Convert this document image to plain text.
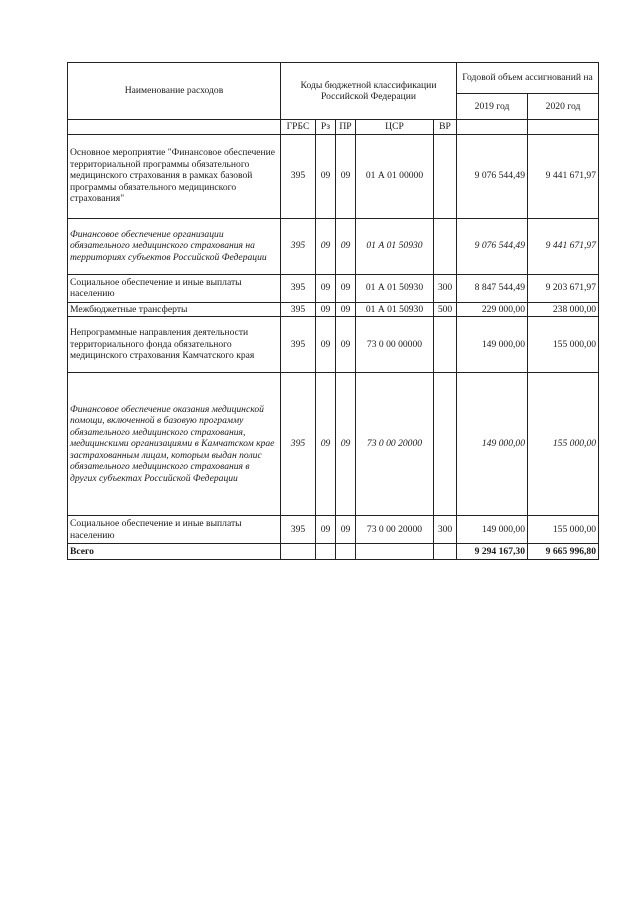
Наименование расходов	Коды бюджетной классификации Российской Федерации					Годовой объем ассигнований на	
						2019 год	2020 год
	ГРБС	Рз	ПР	ЦСР	ВР		
Основное мероприятие "Финансовое обеспечение территориальной программы обязательного медицинского страхования в рамках базовой программы обязательного медицинского страхования"	395	09	09	01 А 01 00000		9 076 544,49	9 441 671,97
Финансовое обеспечение организации обязательного медицинского страхования на территориях субъектов Российской Федерации	395	09	09	01 А 01 50930		9 076 544,49	9 441 671,97
Социальное обеспечение и иные выплаты населению	395	09	09	01 А 01 50930	300	8 847 544,49	9 203 671,97
Межбюджетные трансферты	395	09	09	01 А 01 50930	500	229 000,00	238 000,00
Непрограммные направления деятельности территориального фонда обязательного медицинского страхования Камчатского края	395	09	09	73 0 00 00000		149 000,00	155 000,00
Финансовое обеспечение оказания медицинской помощи, включенной в базовую программу обязательного медицинского страхования, медицинскими организациями в Камчатском крае застрахованным лицам, которым выдан полис обязательного медицинского страхования в других субъектах Российской Федерации	395	09	09	73 0 00 20000		149 000,00	155 000,00
Социальное обеспечение и иные выплаты населению	395	09	09	73 0 00 20000	300	149 000,00	155 000,00
Всего						9 294 167,30	9 665 996,80
